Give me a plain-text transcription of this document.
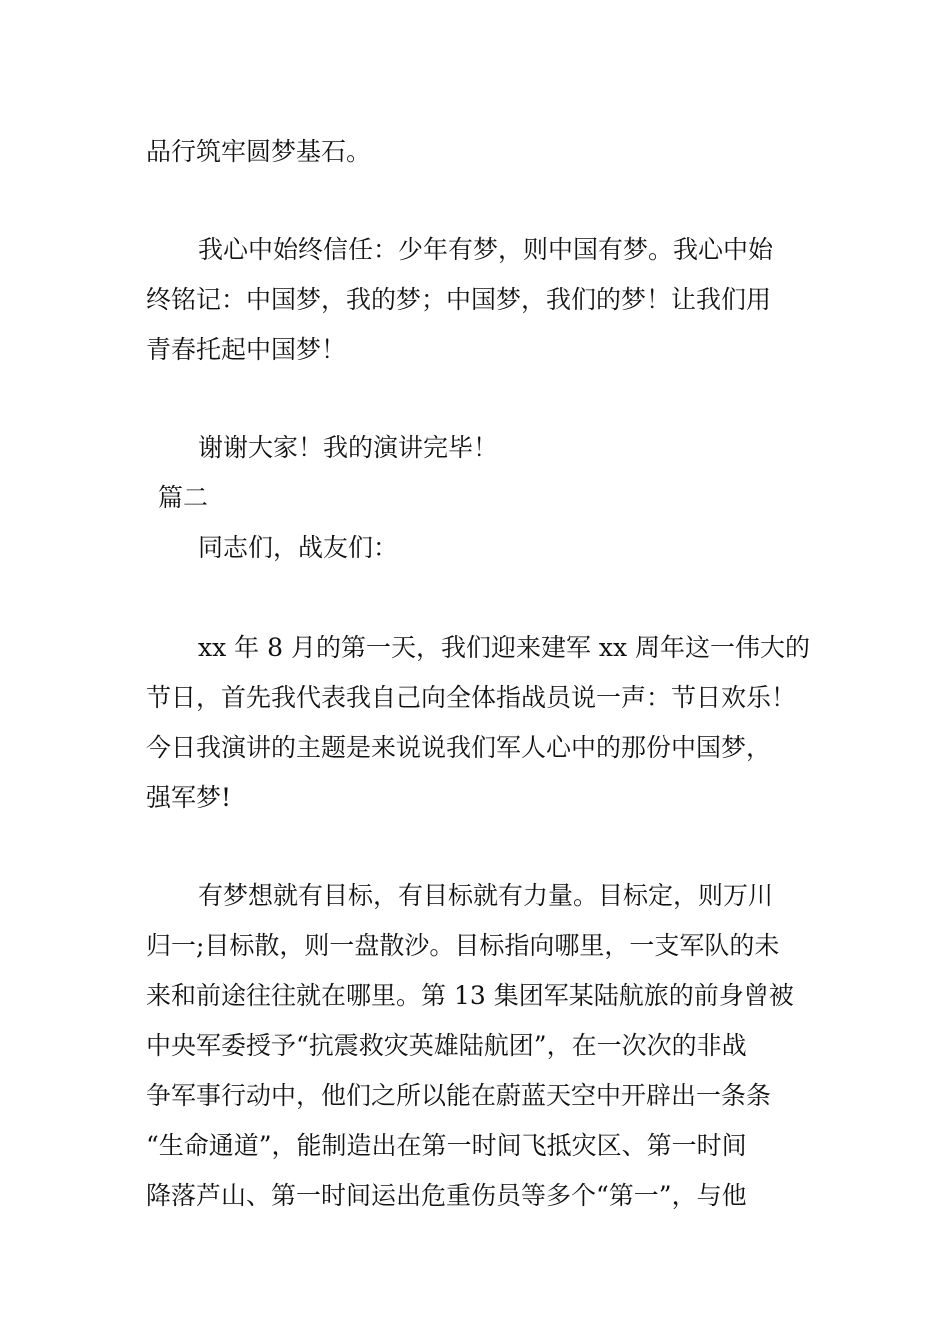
品行筑牢圆梦基石。
我心中始终信任：少年有梦，则中国有梦。我心中始
终铭记：中国梦，我的梦；中国梦，我们的梦！让我们用
青春托起中国梦！
谢谢大家！我的演讲完毕！
篇二
同志们，战友们：
xx 年 8 月的第一天，我们迎来建军 xx 周年这一伟大的
节日，首先我代表我自己向全体指战员说一声：节日欢乐！
今日我演讲的主题是来说说我们军人心中的那份中国梦，
强军梦!
有梦想就有目标，有目标就有力量。目标定，则万川
归一;目标散，则一盘散沙。目标指向哪里，一支军队的未
来和前途往往就在哪里。第 13 集团军某陆航旅的前身曾被
中央军委授予“抗震救灾英雄陆航团”，在一次次的非战
争军事行动中，他们之所以能在蔚蓝天空中开辟出一条条
“生命通道”，能制造出在第一时间飞抵灾区、第一时间
降落芦山、第一时间运出危重伤员等多个“第一”，与他
